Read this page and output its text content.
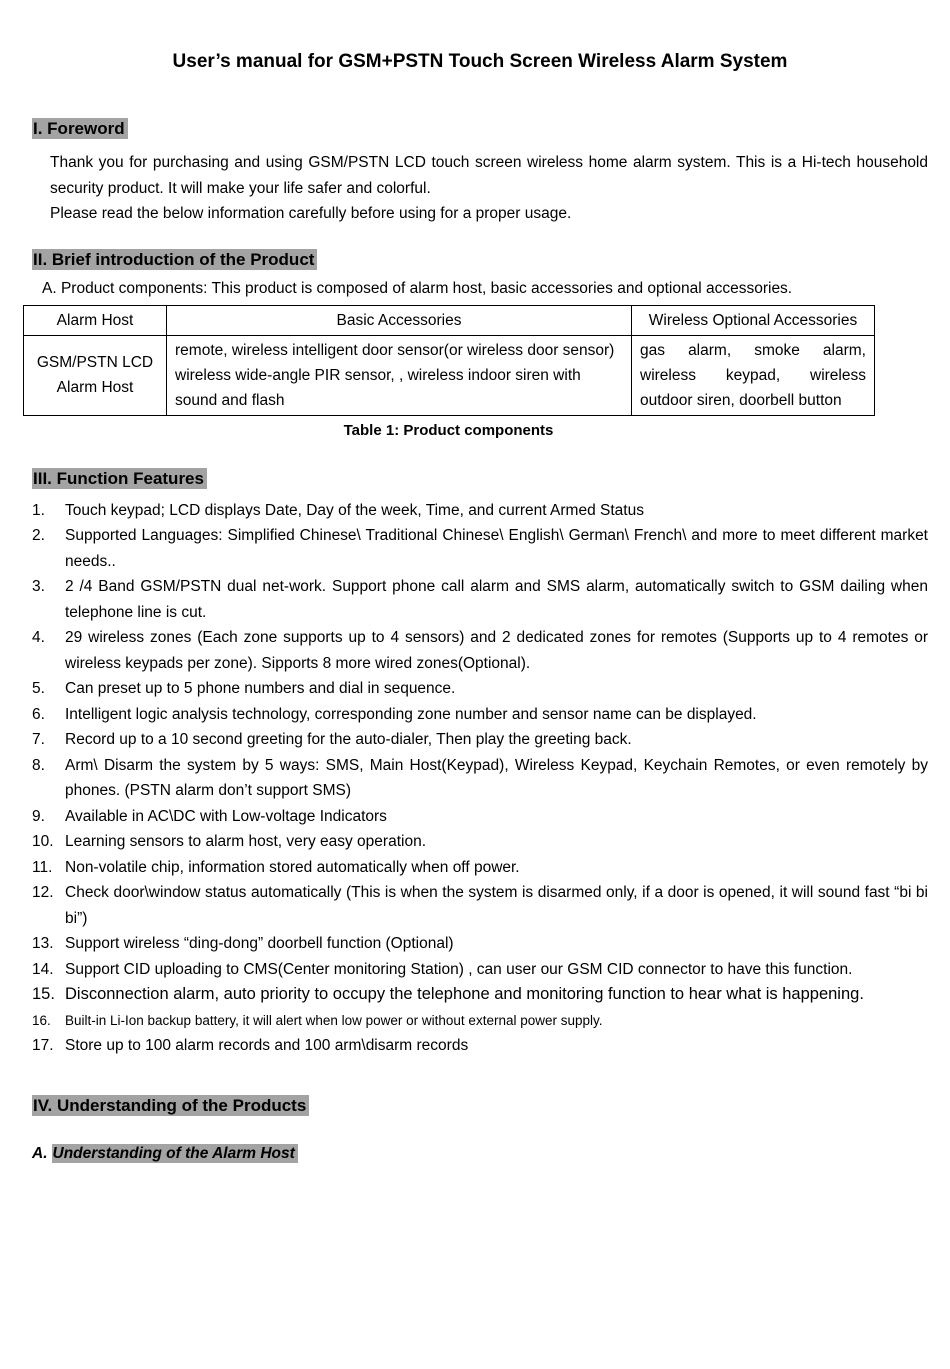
User’s manual for GSM+PSTN Touch Screen Wireless Alarm System
I. Foreword

Thank you for purchasing and using GSM/PSTN LCD touch screen wireless home alarm system. This is a Hi-tech household security product. It will make your life safer and colorful.

Please read the below information carefully before using for a proper usage.

II. Brief introduction of the Product
A. Product components: This product is composed of alarm host, basic accessories and optional accessories.
Alarm Host	Basic Accessories	Wireless Optional Accessories
GSM/PSTN LCD Alarm Host	remote, wireless intelligent door sensor(or wireless door sensor) wireless wide-angle PIR sensor, , wireless indoor siren with sound and flash	gas alarm, smoke alarm, wireless keypad, wireless outdoor siren, doorbell button
Table 1: Product components
III. Function Features
1.	Touch keypad; LCD displays Date, Day of the week, Time, and current Armed Status
2.	Supported Languages: Simplified Chinese\ Traditional Chinese\ English\ German\ French\ and more to meet different market needs..
3.	2 /4 Band GSM/PSTN dual net-work. Support phone call alarm and SMS alarm, automatically switch to GSM dailing when telephone line is cut.
4.	29 wireless zones (Each zone supports up to 4 sensors) and 2 dedicated zones for remotes (Supports up to 4 remotes or wireless keypads per zone). Sipports 8 more wired zones(Optional).
5.	Can preset up to 5 phone numbers and dial in sequence.
6.	Intelligent logic analysis technology, corresponding zone number and sensor name can be displayed.
7.	Record up to a 10 second greeting for the auto-dialer, Then play the greeting back.
8.	Arm\ Disarm the system by 5 ways: SMS, Main Host(Keypad), Wireless Keypad, Keychain Remotes, or even remotely by phones. (PSTN alarm don’t support SMS)
9.	Available in AC\DC with Low-voltage Indicators
10. Learning sensors to alarm host, very easy operation.
11. Non-volatile chip, information stored automatically when off power.
12. Check door\window status automatically (This is when the system is disarmed only, if a door is opened, it will sound fast “bi bi bi”)
13. Support wireless “ding-dong” doorbell function (Optional)
14. Support CID uploading to CMS(Center monitoring Station) , can user our GSM CID connector to have this function.
15. Disconnection alarm, auto priority to occupy the telephone and monitoring function to hear what is happening.
16.	Built-in Li-Ion backup battery, it will alert when low power or without external power supply.
17. Store up to 100 alarm records and 100 arm\disarm records
IV. Understanding of the Products
A. Understanding of the Alarm Host
